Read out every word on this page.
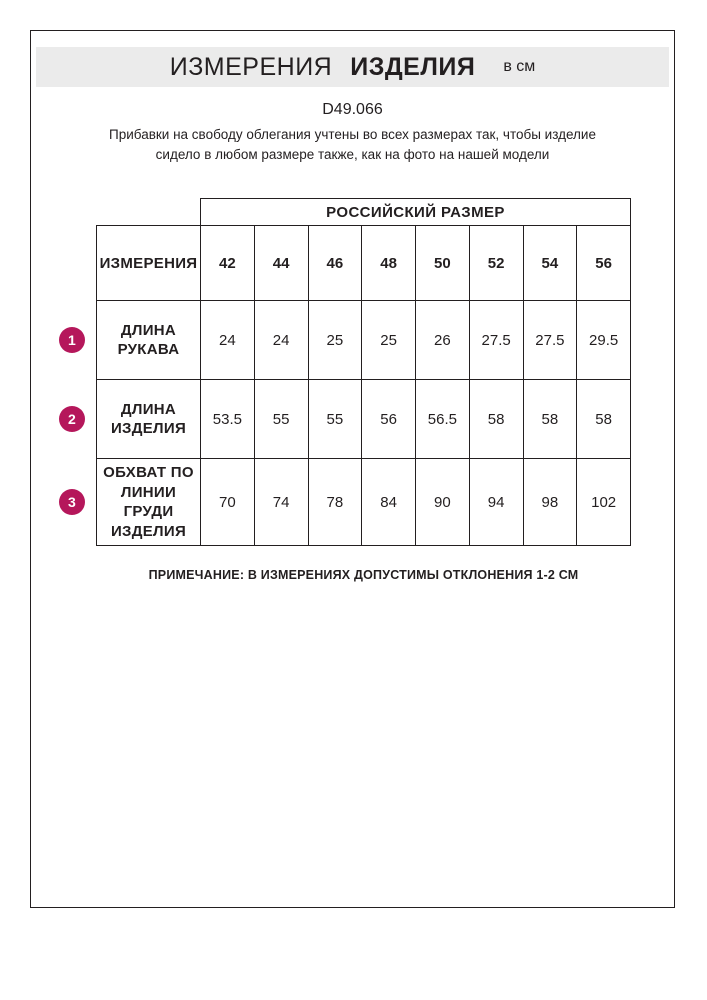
ИЗМЕРЕНИЯ ИЗДЕЛИЯ в см
D49.066
Прибавки на свободу облегания учтены во всех размерах так, чтобы изделие сидело в любом размере также, как на фото на нашей модели
	РОССИЙСКИЙ РАЗМЕР							
ИЗМЕРЕНИЯ	42	44	46	48	50	52	54	56

1
ДЛИНА РУКАВА	24	24	25	25	26	27.5	27.5	29.5

2
ДЛИНА ИЗДЕЛИЯ	53.5	55	55	56	56.5	58	58	58

3
ОБХВАТ ПО ЛИНИИ ГРУДИ ИЗДЕЛИЯ	70	74	78	84	90	94	98	102
ПРИМЕЧАНИЕ: В ИЗМЕРЕНИЯХ ДОПУСТИМЫ ОТКЛОНЕНИЯ 1-2 СМ
